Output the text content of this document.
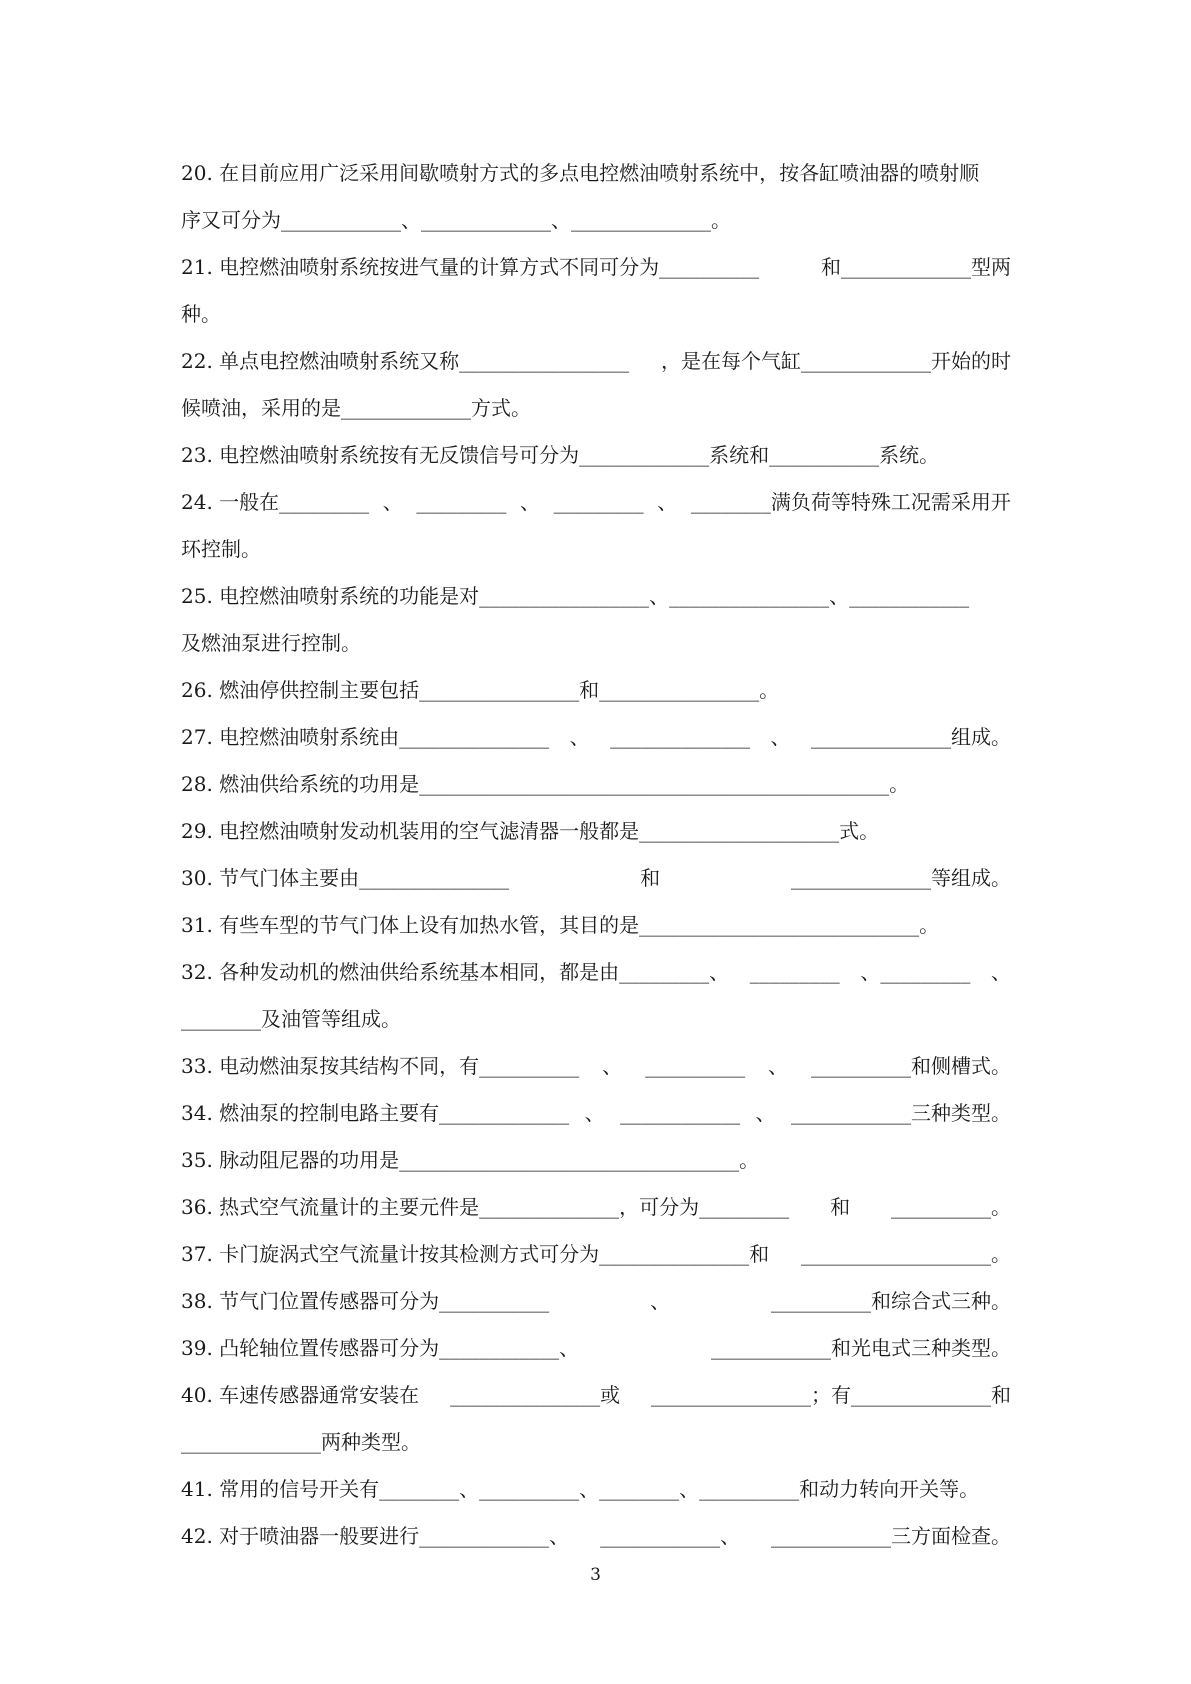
20. 在目前应用广泛采用间歇喷射方式的多点电控燃油喷射系统中，按各缸喷油器的喷射顺
序又可分为____________、_____________、______________。
21. 电控燃油喷射系统按进气量的计算方式不同可分为__________	和_____________型两
种。
22. 单点电控燃油喷射系统又称_________________ ，是在每个气缸_____________开始的时
候喷油，采用的是_____________方式。
23. 电控燃油喷射系统按有无反馈信号可分为_____________系统和___________系统。
24. 一般在_________ 、 _________ 、 _________ 、 ________满负荷等特殊工况需采用开
环控制。
25. 电控燃油喷射系统的功能是对_________________、________________、____________
及燃油泵进行控制。
26. 燃油停供控制主要包括________________和________________。
27. 电控燃油喷射系统由_______________ 、 ______________ 、 ______________组成。
28. 燃油供给系统的功用是_______________________________________________。
29. 电控燃油喷射发动机装用的空气滤清器一般都是____________________式。
30. 节气门体主要由_______________	和	______________等组成。
31. 有些车型的节气门体上设有加热水管，其目的是____________________________。
32. 各种发动机的燃油供给系统基本相同，都是由_________、 _________ 、_________ 、
________及油管等组成。
33. 电动燃油泵按其结构不同，有__________ 、 __________ 、 __________和侧槽式。
34. 燃油泵的控制电路主要有_____________ 、 ____________ 、 ____________三种类型。
35. 脉动阻尼器的功用是__________________________________。
36. 热式空气流量计的主要元件是______________，可分为_________ 和 __________。
37. 卡门旋涡式空气流量计按其检测方式可分为_______________和 ___________________。
38. 节气门位置传感器可分为___________	、	__________和综合式三种。
39. 凸轮轴位置传感器可分为____________、	____________和光电式三种类型。
40. 车速传感器通常安装在 _______________或 ________________；有______________和
______________两种类型。
41. 常用的信号开关有________、__________、________、__________和动力转向开关等。
42. 对于喷油器一般要进行_____________、 ____________、 ____________三方面检查。
3
